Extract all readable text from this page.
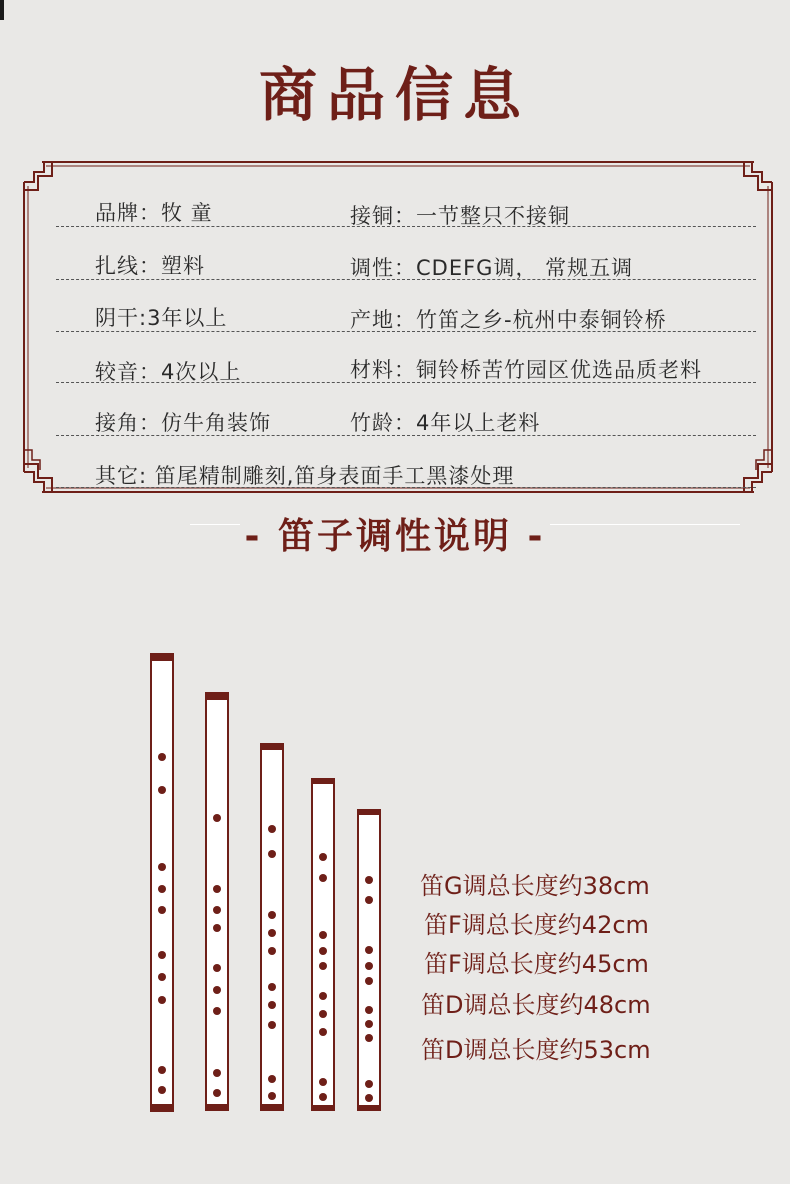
商品信息
品牌：牧 童	接铜：一节整只不接铜
扎线：塑料	调性：CDEFG调， 常规五调
阴干:3年以上	产地：竹笛之乡-杭州中泰铜铃桥
较音：4次以上	材料：铜铃桥苦竹园区优选品质老料
接角：仿牛角装饰	竹龄：4年以上老料
其它: 笛尾精制雕刻,笛身表面手工黑漆处理
- 笛子调性说明 -
笛G调总长度约38cm
笛F调总长度约42cm
笛F调总长度约45cm
笛D调总长度约48cm
笛D调总长度约53cm
